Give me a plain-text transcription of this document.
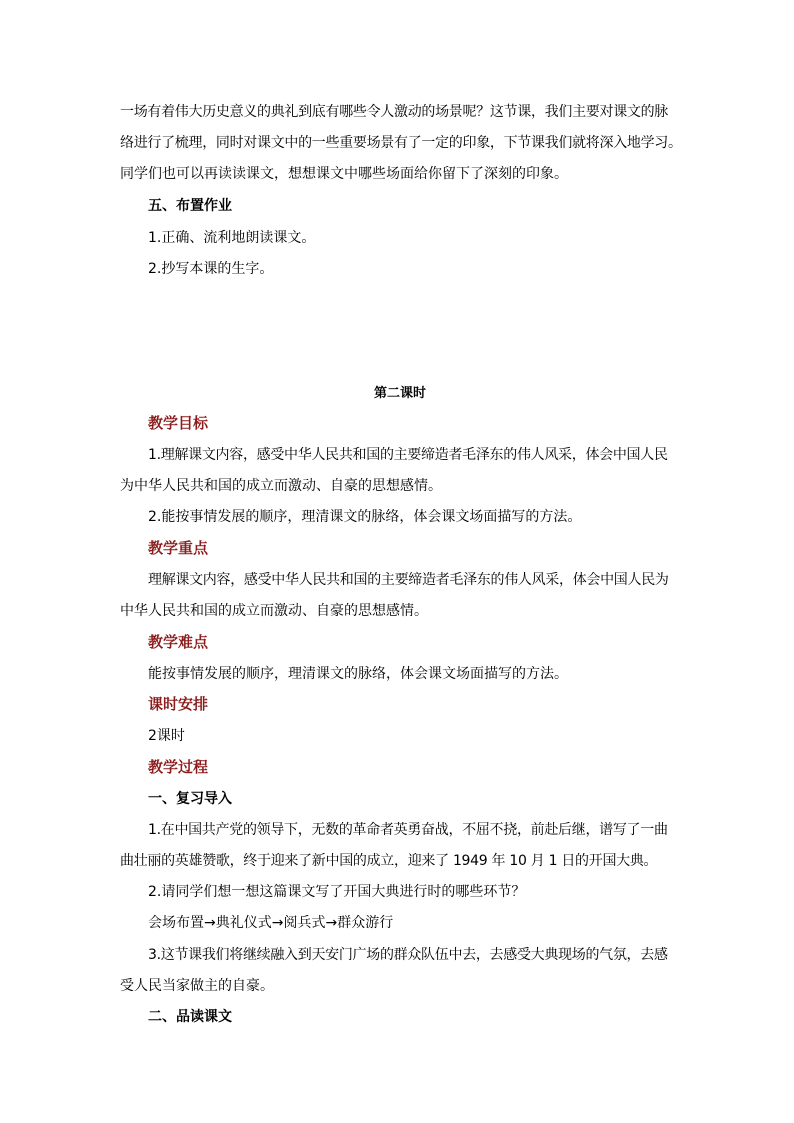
一场有着伟大历史意义的典礼到底有哪些令人激动的场景呢？这节课，我们主要对课文的脉
络进行了梳理，同时对课文中的一些重要场景有了一定的印象，下节课我们就将深入地学习。
同学们也可以再读读课文，想想课文中哪些场面给你留下了深刻的印象。
五、布置作业
1.正确、流利地朗读课文。
2.抄写本课的生字。
第二课时
教学目标
1.理解课文内容，感受中华人民共和国的主要缔造者毛泽东的伟人风采，体会中国人民
为中华人民共和国的成立而激动、自豪的思想感情。
2.能按事情发展的顺序，理清课文的脉络，体会课文场面描写的方法。
教学重点
理解课文内容，感受中华人民共和国的主要缔造者毛泽东的伟人风采，体会中国人民为
中华人民共和国的成立而激动、自豪的思想感情。
教学难点
能按事情发展的顺序，理清课文的脉络，体会课文场面描写的方法。
课时安排
2课时
教学过程
一、复习导入
1.在中国共产党的领导下，无数的革命者英勇奋战，不屈不挠，前赴后继，谱写了一曲
曲壮丽的英雄赞歌，终于迎来了新中国的成立，迎来了 1949 年 10 月 1 日的开国大典。
2.请同学们想一想这篇课文写了开国大典进行时的哪些环节？
会场布置→典礼仪式→阅兵式→群众游行
3.这节课我们将继续融入到天安门广场的群众队伍中去，去感受大典现场的气氛，去感
受人民当家做主的自豪。
二、品读课文
